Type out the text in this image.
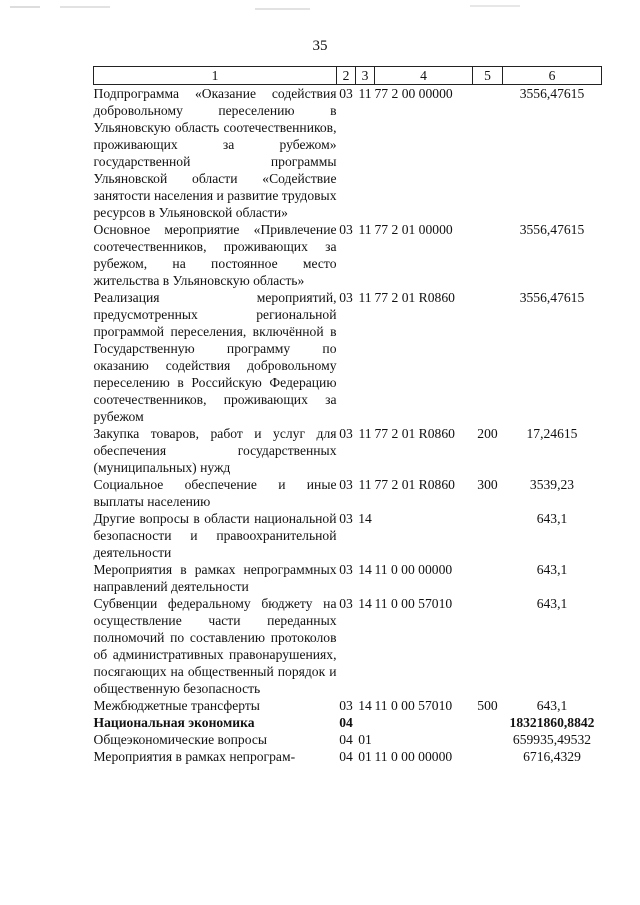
35
1	2	3	4	5	6
Подпрограмма «Оказание содействия добровольному переселению в Ульяновскую область соотечественников, проживающих за рубежом» государственной программы Ульяновской области «Содействие занятости населения и развитие трудовых ресурсов в Ульяновской области»	03	11	77 2 00 00000		3556,47615
Основное мероприятие «Привлечение соотечественников, проживающих за рубежом, на постоянное место жительства в Ульяновскую область»	03	11	77 2 01 00000		3556,47615
Реализация мероприятий, предусмотренных региональной программой переселения, включённой в Государственную программу по оказанию содействия добровольному переселению в Российскую Федерацию соотечественников, проживающих за рубежом	03	11	77 2 01 R0860		3556,47615
Закупка товаров, работ и услуг для обеспечения государственных (муниципальных) нужд	03	11	77 2 01 R0860	200	17,24615
Социальное обеспечение и иные выплаты населению	03	11	77 2 01 R0860	300	3539,23
Другие вопросы в области национальной безопасности и правоохранительной деятельности	03	14			643,1
Мероприятия в рамках непрограммных направлений деятельности	03	14	11 0 00 00000		643,1
Субвенции федеральному бюджету на осуществление части переданных полномочий по составлению протоколов об административных правонарушениях, посягающих на общественный порядок и общественную безопасность	03	14	11 0 00 57010		643,1
Межбюджетные трансферты	03	14	11 0 00 57010	500	643,1
Национальная экономика	04				18321860,8842
Общеэкономические вопросы	04	01			659935,49532
Мероприятия в рамках непрограм-	04	01	11 0 00 00000		6716,4329
